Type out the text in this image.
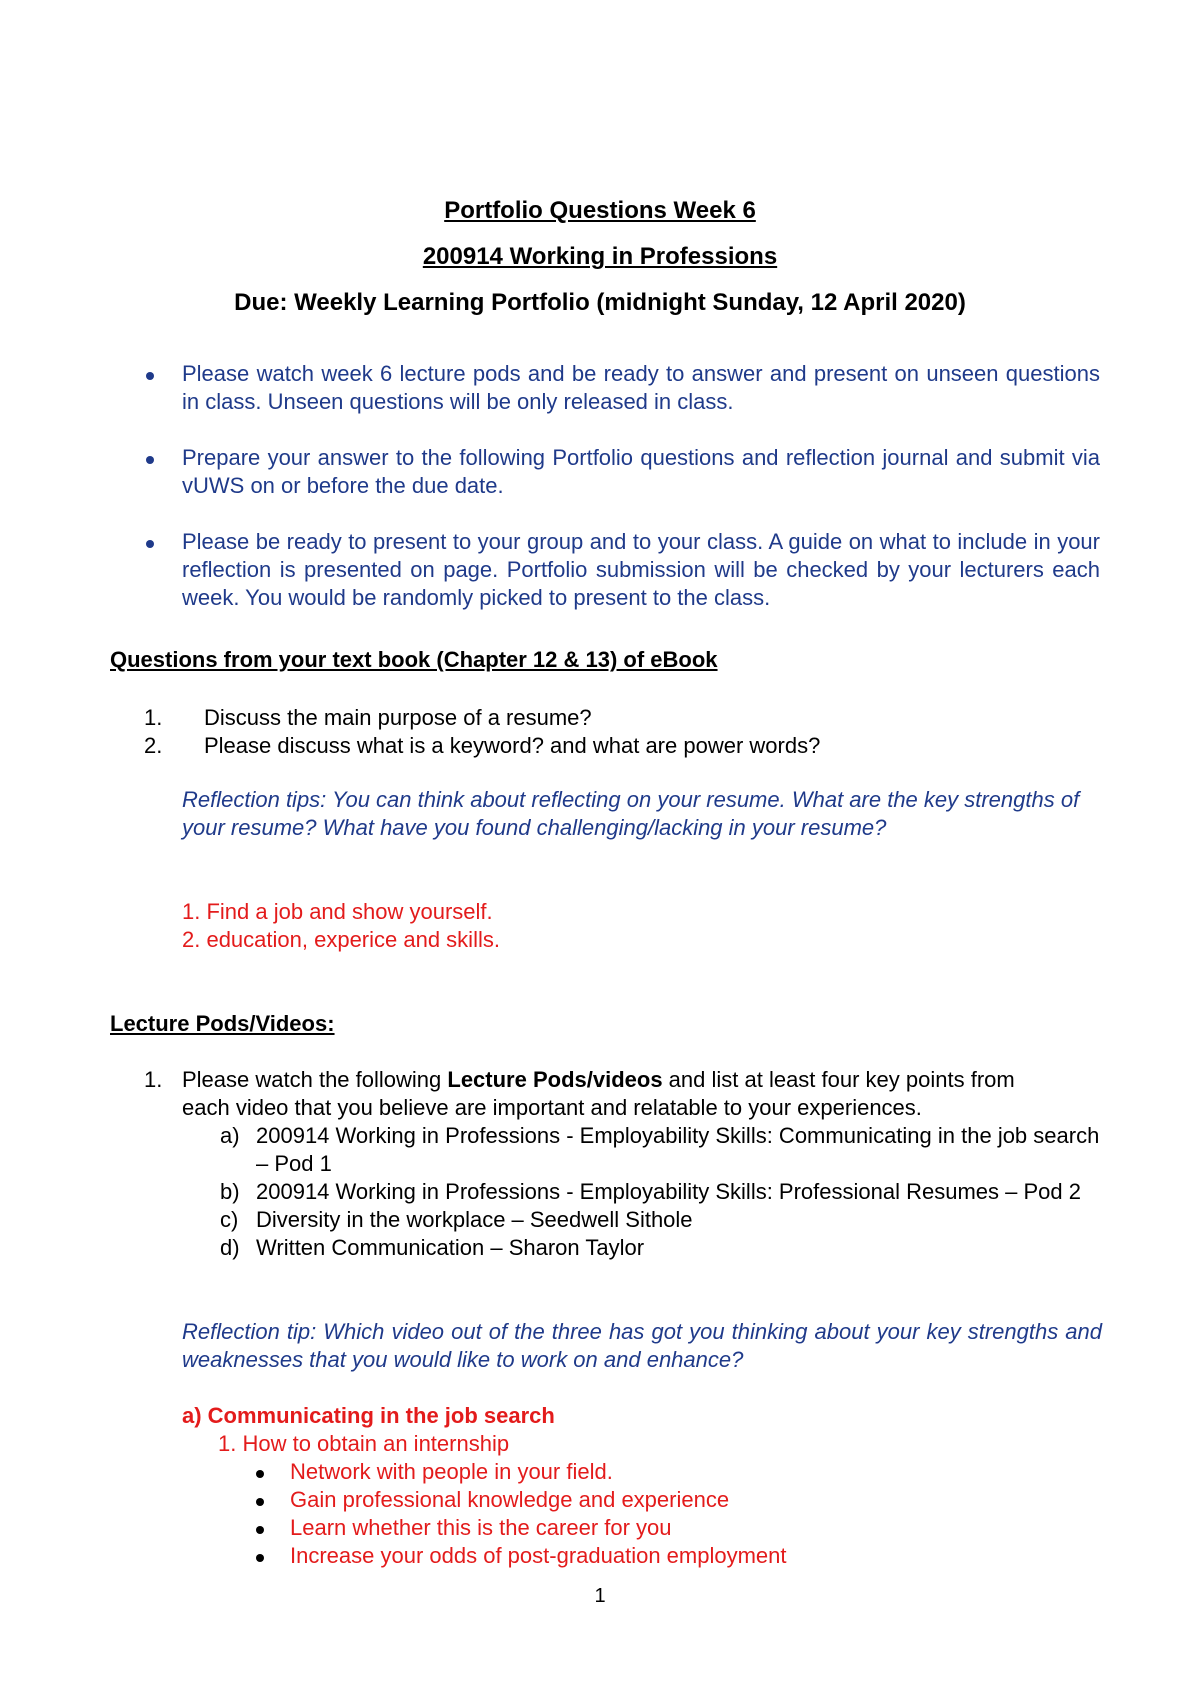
Portfolio Questions Week 6
200914 Working in Professions
Due: Weekly Learning Portfolio (midnight Sunday, 12 April 2020)
Please watch week 6 lecture pods and be ready to answer and present on unseen questions in class. Unseen questions will be only released in class.
Prepare your answer to the following Portfolio questions and reflection journal and submit via vUWS on or before the due date.
Please be ready to present to your group and to your class. A guide on what to include in your reflection is presented on page. Portfolio submission will be checked by your lecturers each week. You would be randomly picked to present to the class.
Questions from your text book (Chapter 12 & 13) of eBook
1.	Discuss the main purpose of a resume?
2.	Please discuss what is a keyword? and what are power words?
Reflection tips: You can think about reflecting on your resume. What are the key strengths of your resume? What have you found challenging/lacking in your resume?
1. Find a job and show yourself.
2. education, experice and skills.
Lecture Pods/Videos:
1. Please watch the following Lecture Pods/videos and list at least four key points from each video that you believe are important and relatable to your experiences.
a) 200914 Working in Professions - Employability Skills: Communicating in the job search – Pod 1
b) 200914 Working in Professions - Employability Skills: Professional Resumes – Pod 2
c) Diversity in the workplace – Seedwell Sithole
d) Written Communication – Sharon Taylor
Reflection tip: Which video out of the three has got you thinking about your key strengths and weaknesses that you would like to work on and enhance?
a) Communicating in the job search
1. How to obtain an internship
Network with people in your field.
Gain professional knowledge and experience
Learn whether this is the career for you
Increase your odds of post-graduation employment
1
